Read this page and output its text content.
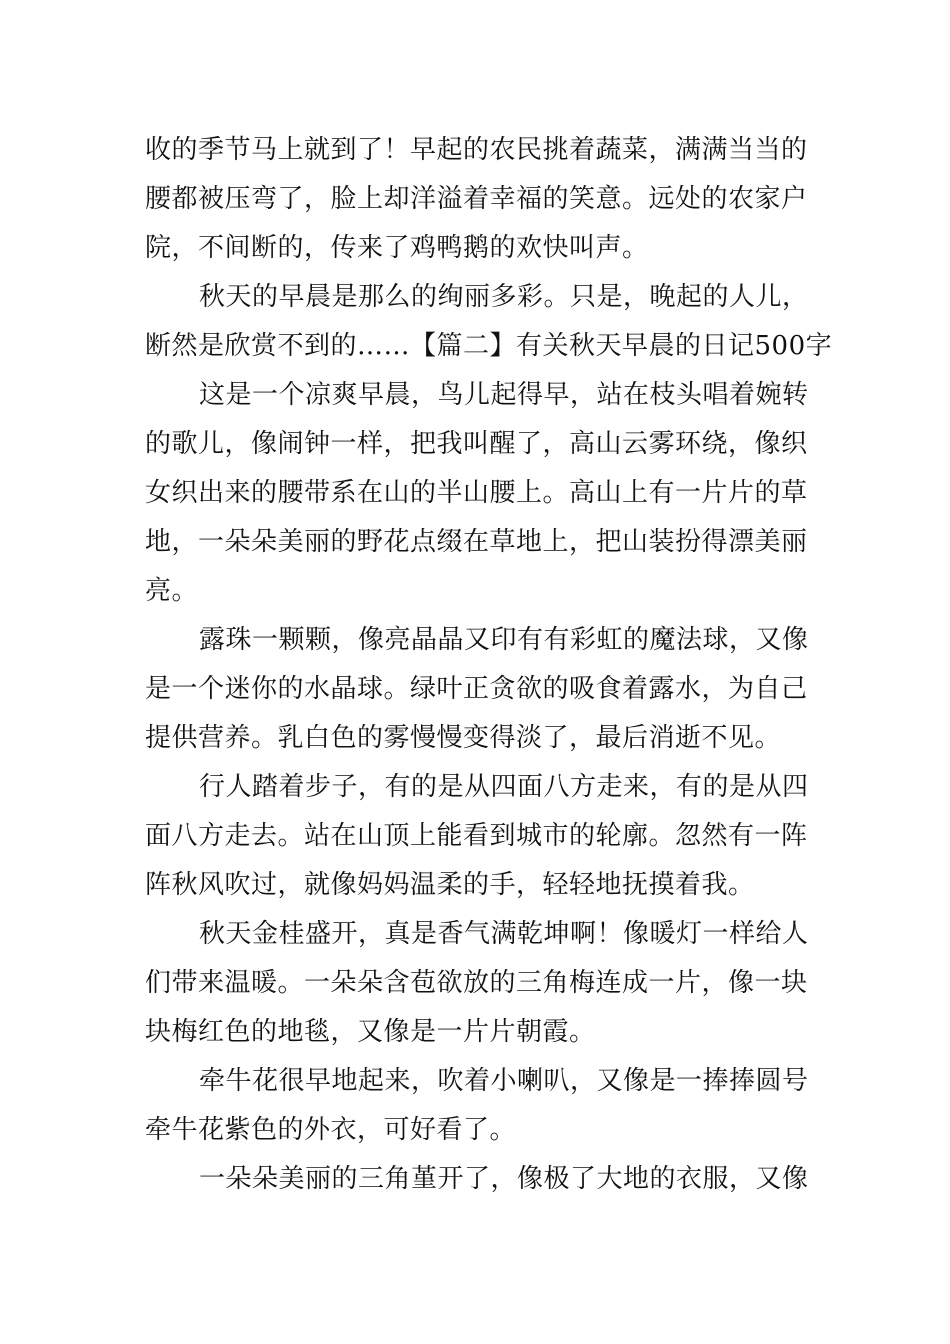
收的季节马上就到了！早起的农民挑着蔬菜，满满当当的
腰都被压弯了，脸上却洋溢着幸福的笑意。远处的农家户
院，不间断的，传来了鸡鸭鹅的欢快叫声。
秋天的早晨是那么的绚丽多彩。只是，晚起的人儿，
断然是欣赏不到的……【篇二】有关秋天早晨的日记500字
这是一个凉爽早晨，鸟儿起得早，站在枝头唱着婉转
的歌儿，像闹钟一样，把我叫醒了，高山云雾环绕，像织
女织出来的腰带系在山的半山腰上。高山上有一片片的草
地，一朵朵美丽的野花点缀在草地上，把山装扮得漂美丽
亮。
露珠一颗颗，像亮晶晶又印有有彩虹的魔法球，又像
是一个迷你的水晶球。绿叶正贪欲的吸食着露水，为自己
提供营养。乳白色的雾慢慢变得淡了，最后消逝不见。
行人踏着步子，有的是从四面八方走来，有的是从四
面八方走去。站在山顶上能看到城市的轮廓。忽然有一阵
阵秋风吹过，就像妈妈温柔的手，轻轻地抚摸着我。
秋天金桂盛开，真是香气满乾坤啊！像暖灯一样给人
们带来温暖。一朵朵含苞欲放的三角梅连成一片，像一块
块梅红色的地毯，又像是一片片朝霞。
牵牛花很早地起来，吹着小喇叭，又像是一捧捧圆号
牵牛花紫色的外衣，可好看了。
一朵朵美丽的三角堇开了，像极了大地的衣服，又像
